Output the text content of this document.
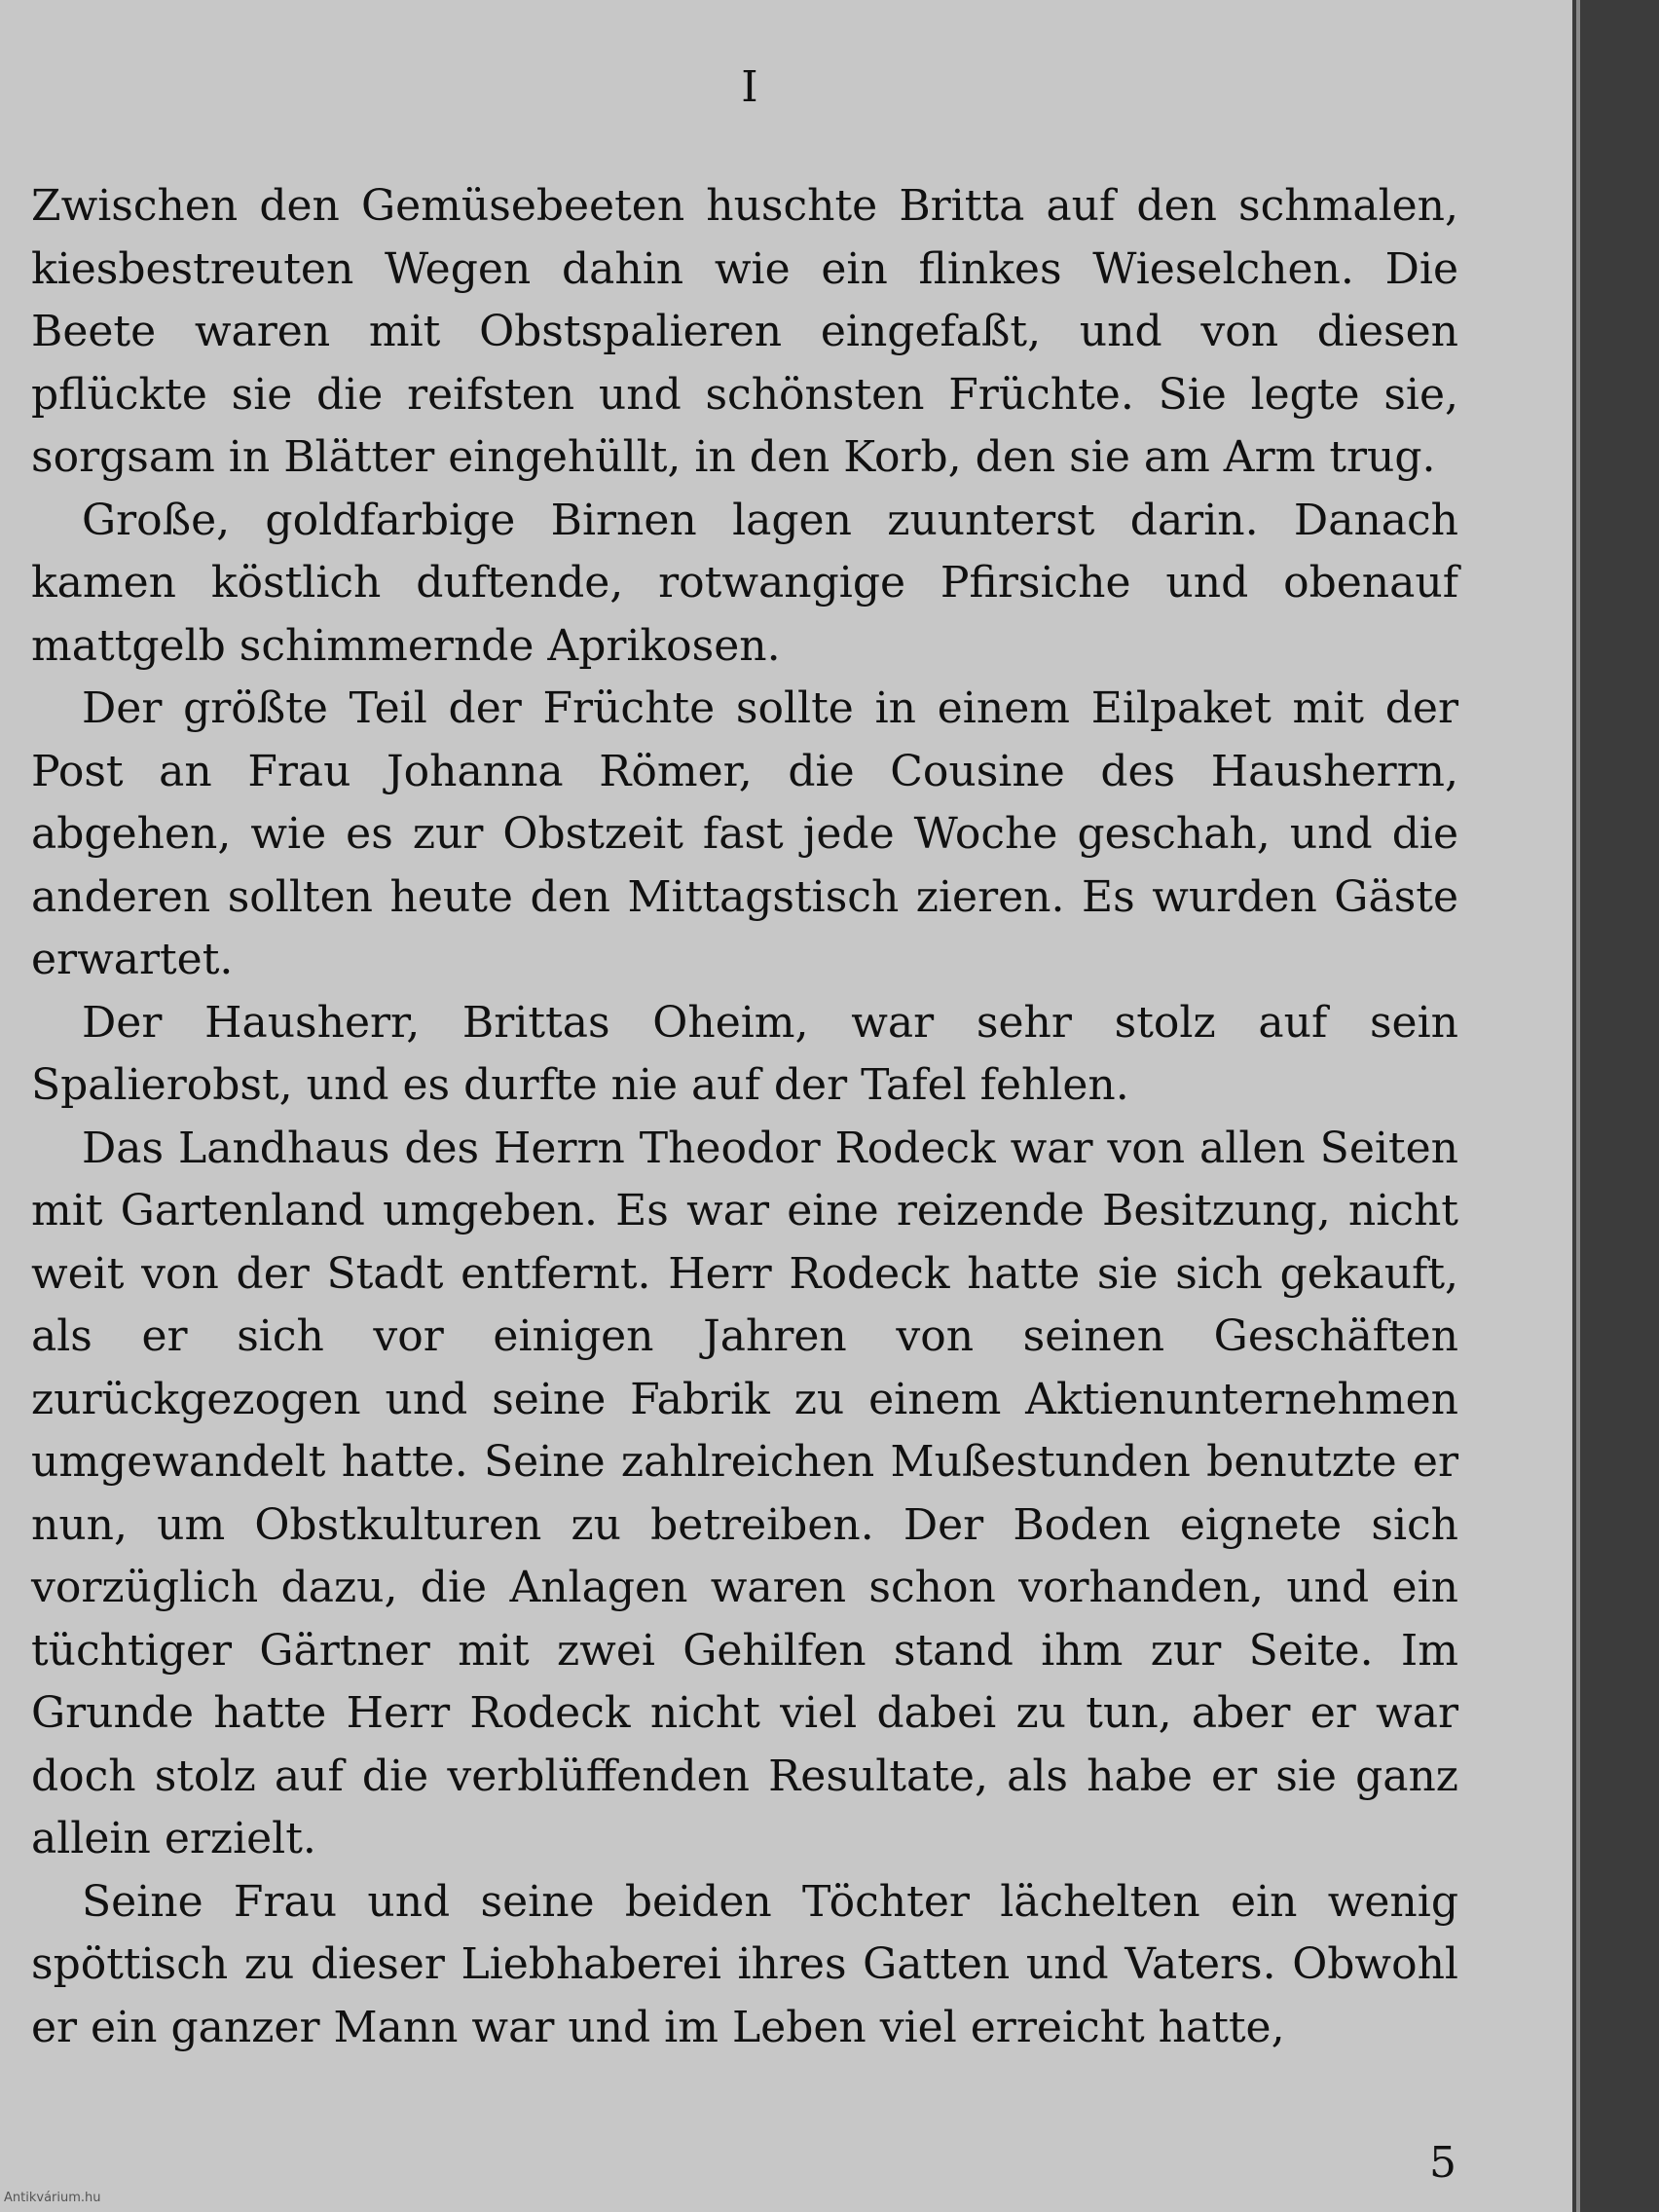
I

Zwischen den Gemüsebeeten huschte Britta auf den schmalen, kiesbestreuten Wegen dahin wie ein flinkes Wieselchen. Die Beete waren mit Obstspalieren eingefaßt, und von diesen pflückte sie die reifsten und schönsten Früchte. Sie legte sie, sorgsam in Blätter eingehüllt, in den Korb, den sie am Arm trug.

Große, goldfarbige Birnen lagen zuunterst darin. Danach kamen köstlich duftende, rotwangige Pfirsiche und obenauf mattgelb schimmernde Aprikosen.

Der größte Teil der Früchte sollte in einem Eilpaket mit der Post an Frau Johanna Römer, die Cousine des Hausherrn, abgehen, wie es zur Obstzeit fast jede Woche geschah, und die anderen sollten heute den Mittagstisch zieren. Es wurden Gäste erwartet.

Der Hausherr, Brittas Oheim, war sehr stolz auf sein Spalierobst, und es durfte nie auf der Tafel fehlen.

Das Landhaus des Herrn Theodor Rodeck war von allen Seiten mit Gartenland umgeben. Es war eine reizende Besitzung, nicht weit von der Stadt entfernt. Herr Rodeck hatte sie sich gekauft, als er sich vor einigen Jahren von seinen Geschäften zurückgezogen und seine Fabrik zu einem Aktienunternehmen umgewandelt hatte. Seine zahlreichen Mußestunden benutzte er nun, um Obstkulturen zu betreiben. Der Boden eignete sich vorzüglich dazu, die Anlagen waren schon vorhanden, und ein tüchtiger Gärtner mit zwei Gehilfen stand ihm zur Seite. Im Grunde hatte Herr Rodeck nicht viel dabei zu tun, aber er war doch stolz auf die verblüffenden Resultate, als habe er sie ganz allein erzielt.

Seine Frau und seine beiden Töchter lächelten ein wenig spöttisch zu dieser Liebhaberei ihres Gatten und Vaters. Obwohl er ein ganzer Mann war und im Leben viel erreicht hatte,

5
Antikvárium.hu
